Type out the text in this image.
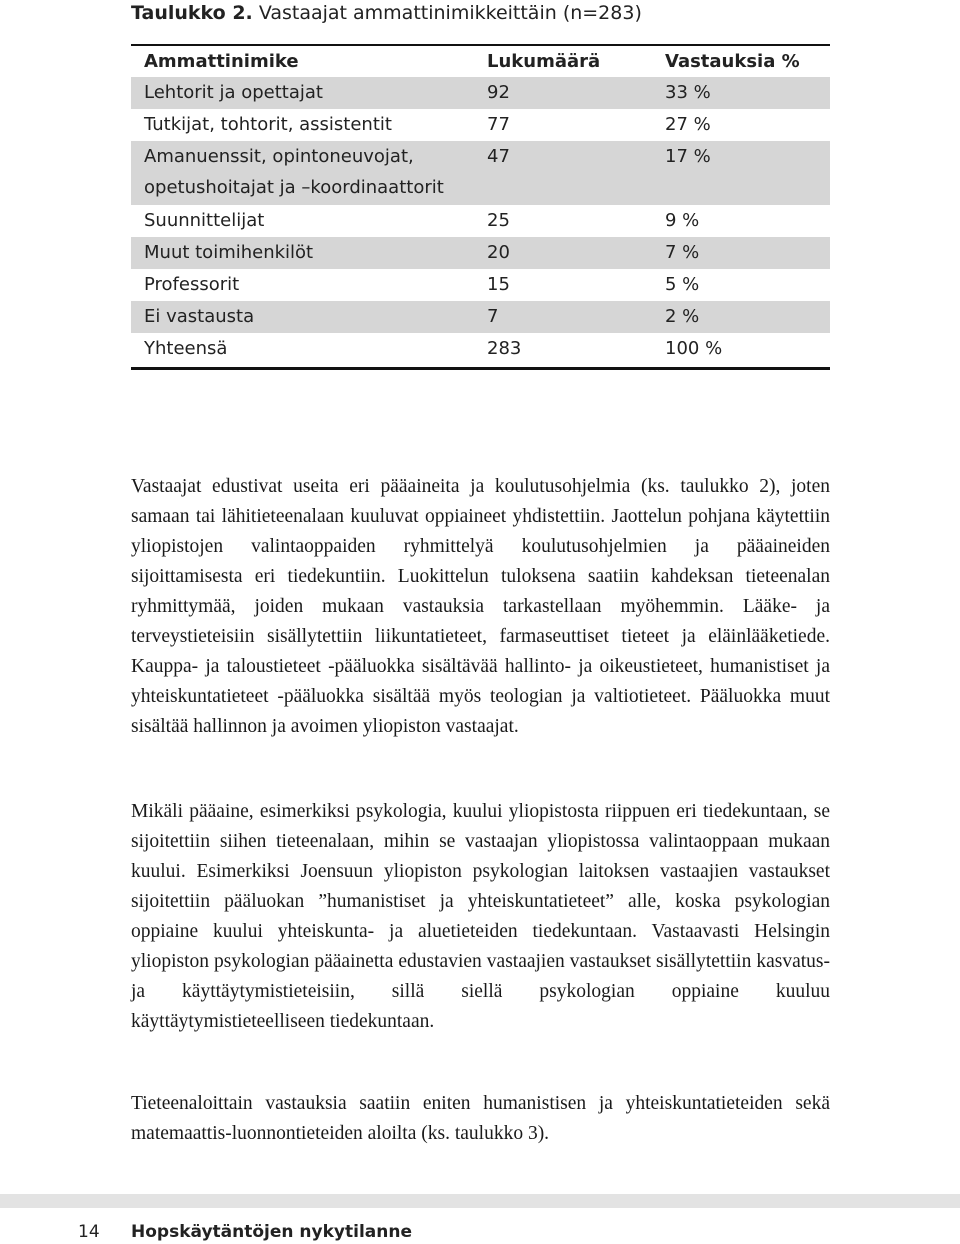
Taulukko 2. Vastaajat ammattinimikkeittäin (n=283)
Ammattinimike	Lukumäärä	Vastauksia %
Lehtorit ja opettajat	92	33 %
Tutkijat, tohtorit, assistentit	77	27 %
Amanuenssit, opintoneuvojat,
opetushoitajat ja –koordinaattorit
47	17 %
Suunnittelijat	25	9 %
Muut toimihenkilöt	20	7 %
Professorit	15	5 %
Ei vastausta	7	2 %
Yhteensä	283	100 %

Vastaajat edustivat useita eri pääaineita ja koulutusohjelmia (ks. taulukko 2), joten samaan tai lähitieteenalaan kuuluvat oppiaineet yhdistettiin. Jaottelun pohjana käytettiin yliopistojen valintaoppaiden ryhmittelyä koulutusohjelmien ja pääaineiden sijoittamisesta eri tiedekuntiin. Luokittelun tuloksena saatiin kahdeksan tieteenalan ryhmittymää, joiden mukaan vastauksia tarkastellaan myöhemmin. Lääke- ja terveystieteisiin sisällytettiin liikuntatieteet, farmaseuttiset tieteet ja eläinlääketiede. Kauppa- ja taloustieteet -pääluokka sisältävää hallinto- ja oikeustieteet, humanistiset ja yhteiskuntatieteet -pääluokka sisältää myös teologian ja valtiotieteet. Pääluokka muut sisältää hallinnon ja avoimen yliopiston vastaajat.

Mikäli pääaine, esimerkiksi psykologia, kuului yliopistosta riippuen eri tiedekuntaan, se sijoitettiin siihen tieteenalaan, mihin se vastaajan yliopistossa valintaoppaan mukaan kuului. Esimerkiksi Joensuun yliopiston psykologian laitoksen vastaajien vastaukset sijoitettiin pääluokan ”humanistiset ja yhteiskuntatieteet” alle, koska psykologian oppiaine kuului yhteiskunta- ja aluetieteiden tiedekuntaan. Vastaavasti Helsingin yliopiston psykologian pääainetta edustavien vastaajien vastaukset sisällytettiin kasvatus- ja käyttäytymistieteisiin, sillä siellä psykologian oppiaine kuuluu käyttäytymistieteelliseen tiedekuntaan.

Tieteenaloittain vastauksia saatiin eniten humanistisen ja yhteiskuntatieteiden sekä matemaattis-luonnontieteiden aloilta (ks. taulukko 3).

14 Hopskäytäntöjen nykytilanne
